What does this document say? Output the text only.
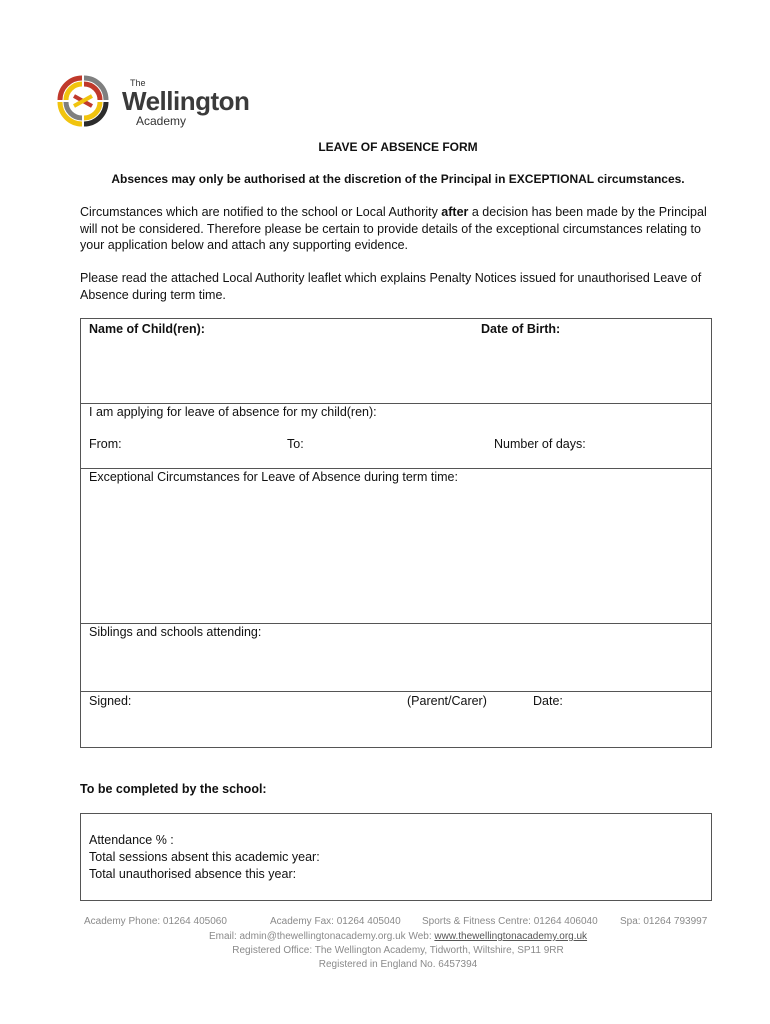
The
Wellington
Academy
LEAVE OF ABSENCE FORM
Absences may only be authorised at the discretion of the Principal in EXCEPTIONAL circumstances.
Circumstances which are notified to the school or Local Authority after a decision has been made by the Principal will not be considered. Therefore please be certain to provide details of the exceptional circumstances relating to your application below and attach any supporting evidence.
Please read the attached Local Authority leaflet which explains Penalty Notices issued for unauthorised Leave of Absence during term time.
Name of Child(ren):	Date of Birth:
I am applying for leave of absence for my child(ren):
From:	To:	Number of days:
Exceptional Circumstances for Leave of Absence during term time:
Siblings and schools attending:
Signed:	(Parent/Carer)	Date:
To be completed by the school:
Attendance % :
Total sessions absent this academic year:
Total unauthorised absence this year:
Academy Phone: 01264 405060	Academy Fax: 01264 405040 Sports & Fitness Centre: 01264 406040 Spa: 01264 793997
Email: admin@thewellingtonacademy.org.uk Web: www.thewellingtonacademy.org.uk
Registered Office: The Wellington Academy, Tidworth, Wiltshire, SP11 9RR
Registered in England No. 6457394
